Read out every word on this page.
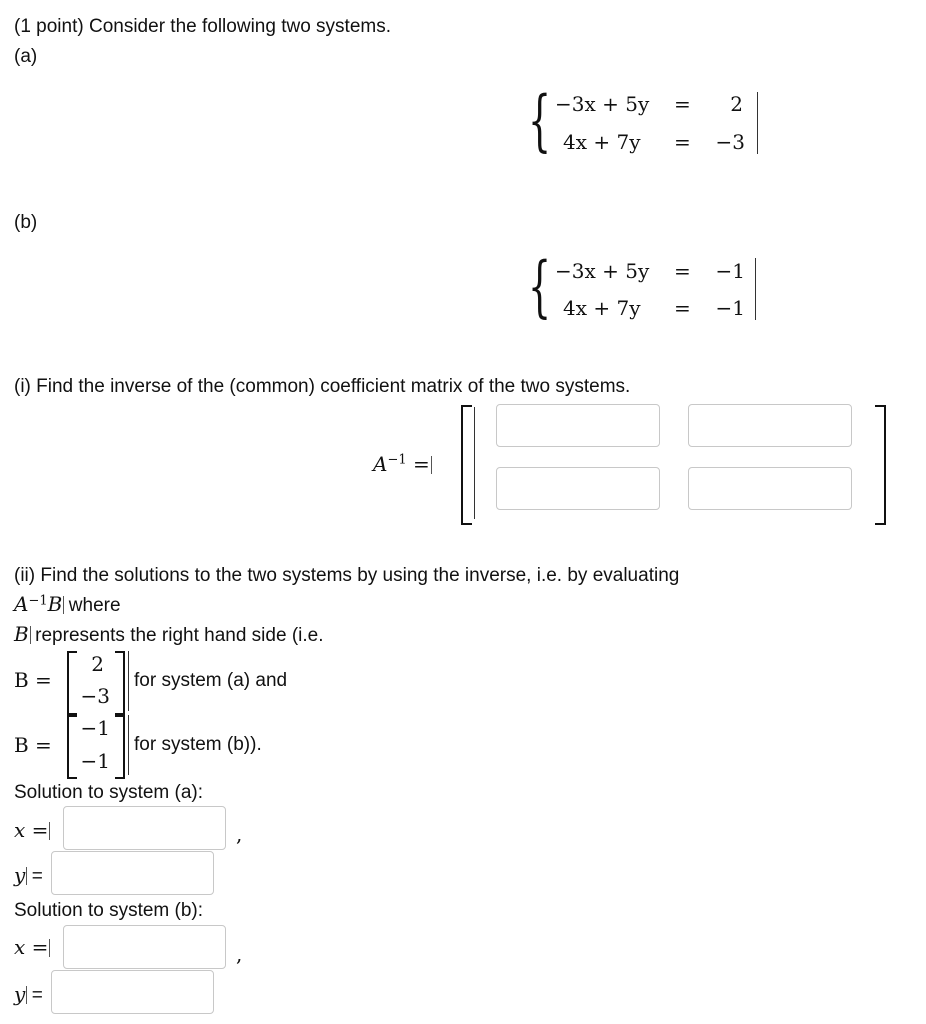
(1 point) Consider the following two systems.
(a)
{ −3x + 5y =	2
4x + 7y =	−3
(b)
{ −3x + 5y =	−1
4x + 7y =	−1
(i) Find the inverse of the (common) coefficient matrix of the two systems.
$A^{-1}$ =
(ii) Find the solutions to the two systems by using the inverse, i.e. by evaluating
$A^{-1}B$ where
B represents the right hand side (i.e.
B =
2
−3
for system (a) and
B =
−1
−1
for system (b)).
Solution to system (a):
x =	,
y =
Solution to system (b):
x =	,
y =
